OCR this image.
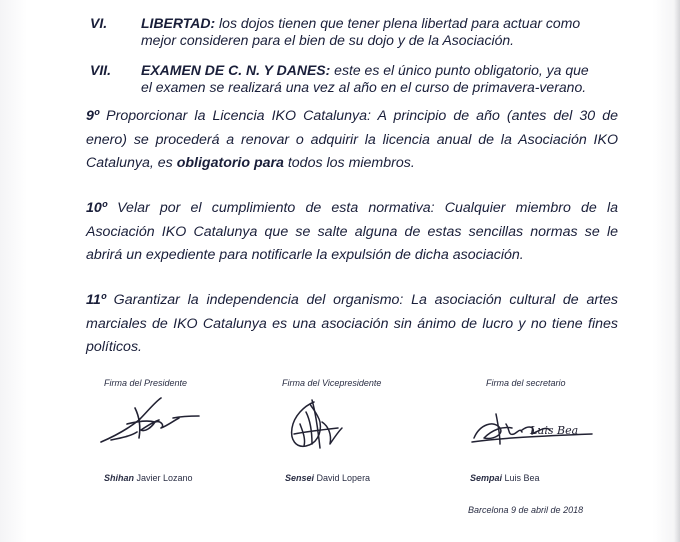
VI. LIBERTAD: los dojos tienen que tener plena libertad para actuar como
mejor consideren para el bien de su dojo y de la Asociación.
VII. EXAMEN DE C. N. Y DANES: este es el único punto obligatorio, ya que
el examen se realizará una vez al año en el curso de primavera-verano.
9º Proporcionar la Licencia IKO Catalunya: A principio de año (antes del 30 de enero) se procederá a renovar o adquirir la licencia anual de la Asociación IKO Catalunya, es obligatorio para todos los miembros.
10º Velar por el cumplimiento de esta normativa: Cualquier miembro de la Asociación IKO Catalunya que se salte alguna de estas sencillas normas se le abrirá un expediente para notificarle la expulsión de dicha asociación.
11º Garantizar la independencia del organismo: La asociación cultural de artes marciales de IKO Catalunya es una asociación sin ánimo de lucro y no tiene fines políticos.
Firma del Presidente	Firma del Vicepresidente	Firma del secretario
Luis Bea
Shihan Javier Lozano	Sensei David Lopera	Sempai Luis Bea
Barcelona 9 de abril de 2018
